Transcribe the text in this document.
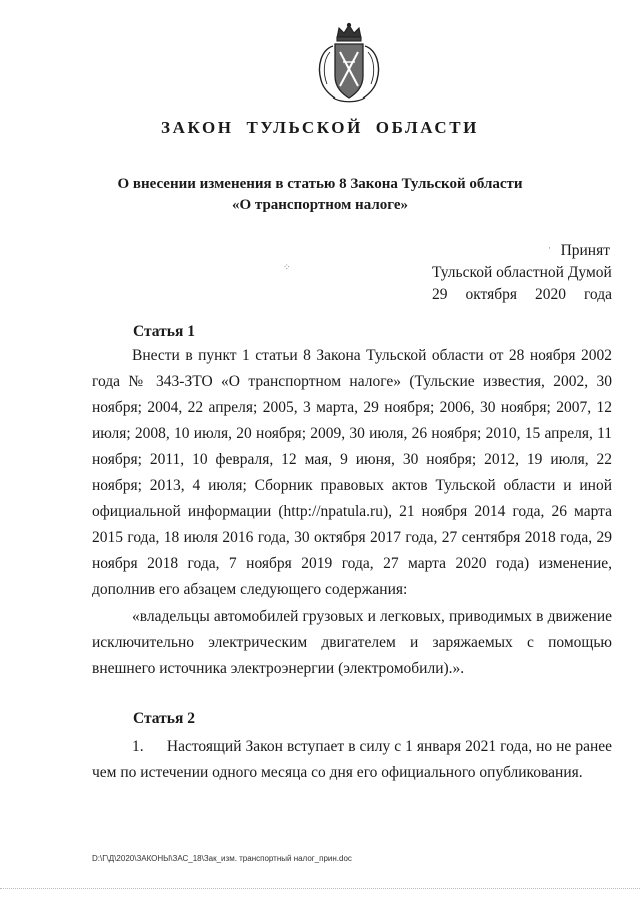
ЗАКОН ТУЛЬСКОЙ ОБЛАСТИ
О внесении изменения в статью 8 Закона Тульской области
«О транспортном налоге»
Принят
Тульской областной Думой
29 октября 2020 года
·
⁘
Статья 1

Внести в пункт 1 статьи 8 Закона Тульской области от 28 ноября 2002 года № 343-ЗТО «О транспортном налоге» (Тульские известия, 2002, 30 ноября; 2004, 22 апреля; 2005, 3 марта, 29 ноября; 2006, 30 ноября; 2007, 12 июля; 2008, 10 июля, 20 ноября; 2009, 30 июля, 26 ноября; 2010, 15 апреля, 11 ноября; 2011, 10 февраля, 12 мая, 9 июня, 30 ноября; 2012, 19 июля, 22 ноября; 2013, 4 июля; Сборник правовых актов Тульской области и иной официальной информации (http://npatula.ru), 21 ноября 2014 года, 26 марта 2015 года, 18 июля 2016 года, 30 октября 2017 года, 27 сентября 2018 года, 29 ноября 2018 года, 7 ноября 2019 года, 27 марта 2020 года) изменение, дополнив его абзацем следующего содержания:

«владельцы автомобилей грузовых и легковых, приводимых в движение исключительно электрическим двигателем и заряжаемых с помощью внешнего источника электроэнергии (электромобили).».

Статья 2

1.  Настоящий Закон вступает в силу с 1 января 2021 года, но не ранее чем по истечении одного месяца со дня его официального опубликования.

D:\Г\Д\2020\ЗАКОНЫ\ЗАС_18\Зак_изм. транспортный налог_прин.doc
